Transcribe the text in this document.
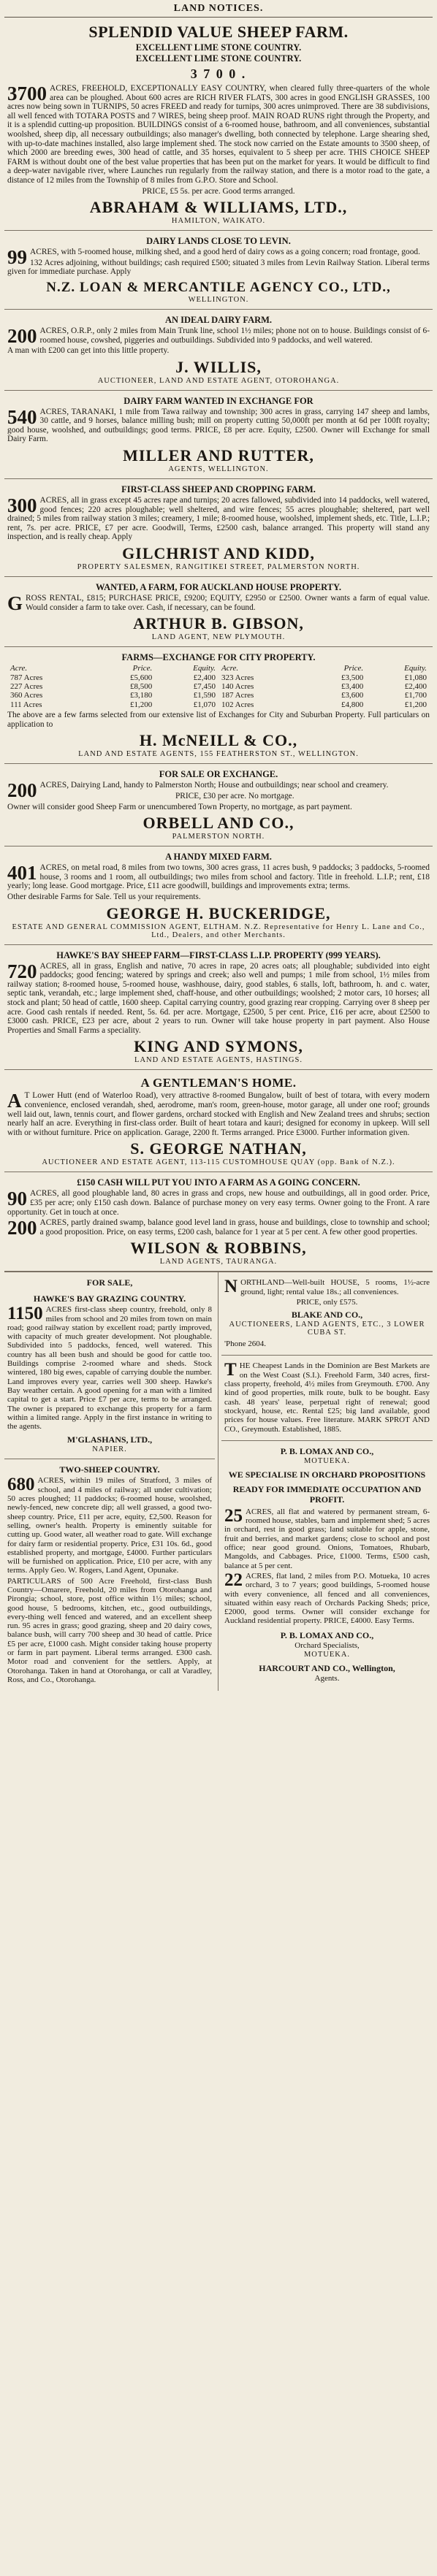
LAND NOTICES.
SPLENDID VALUE SHEEP FARM.
EXCELLENT LIME STONE COUNTRY.
EXCELLENT LIME STONE COUNTRY.
3 7 0 0 .

3700 ACRES, FREEHOLD, EXCEPTIONALLY EASY COUNTRY, when cleared fully three-quarters of the whole area can be ploughed. About 600 acres are RICH RIVER FLATS, 300 acres in good ENGLISH GRASSES, 100 acres now being sown in TURNIPS, 50 acres FREED and ready for turnips, 300 acres unimproved. There are 38 subdivisions, all well fenced with TOTARA POSTS and 7 WIRES, being sheep proof. MAIN ROAD RUNS right through the Property, and it is a splendid cutting-up proposition. BUILDINGS consist of a 6-roomed house, bathroom, and all conveniences, substantial woolshed, sheep dip, all necessary outbuildings; also manager's dwelling, both connected by telephone. Large shearing shed, with up-to-date machines installed, also large implement shed. The stock now carried on the Estate amounts to 3500 sheep, of which 2000 are breeding ewes, 300 head of cattle, and 35 horses, equivalent to 5 sheep per acre. THIS CHOICE SHEEP FARM is without doubt one of the best value properties that has been put on the market for years. It would be difficult to find a deep-water navigable river, where Launches run regularly from the railway station, and there is a motor road to the gate, a distance of 12 miles from the Township of 8 miles from G.P.O. Store and School.

PRICE, £5 5s. per acre. Good terms arranged.

ABRAHAM & WILLIAMS, LTD.,
HAMILTON, WAIKATO.
DAIRY LANDS CLOSE TO LEVIN.

99 ACRES, with 5-roomed house, milking shed, and a good herd of dairy cows as a going concern; road frontage, good.

132 Acres adjoining, without buildings; cash required £500; situated 3 miles from Levin Railway Station. Liberal terms given for immediate purchase. Apply

N.Z. LOAN & MERCANTILE AGENCY CO., LTD.,
WELLINGTON.
AN IDEAL DAIRY FARM.

200 ACRES, O.R.P., only 2 miles from Main Trunk line, school 1½ miles; phone not on to house. Buildings consist of 6-roomed house, cowshed, piggeries and outbuildings. Subdivided into 9 paddocks, and well watered.

A man with £200 can get into this little property.

J. WILLIS,
AUCTIONEER, LAND AND ESTATE AGENT, OTOROHANGA.
DAIRY FARM WANTED IN EXCHANGE FOR

540 ACRES, TARANAKI, 1 mile from Tawa railway and township; 300 acres in grass, carrying 147 sheep and lambs, 30 cattle, and 9 horses, balance milling bush; mill on property cutting 50,000ft per month at 6d per 100ft royalty; good house, woolshed, and outbuildings; good terms. PRICE, £8 per acre. Equity, £2500. Owner will Exchange for small Dairy Farm.

MILLER AND RUTTER,
AGENTS, WELLINGTON.
FIRST-CLASS SHEEP AND CROPPING FARM.

300 ACRES, all in grass except 45 acres rape and turnips; 20 acres fallowed, subdivided into 14 paddocks, well watered, good fences; 220 acres ploughable; well sheltered, and wire fences; 55 acres ploughable; sheltered, part well drained; 5 miles from railway station 3 miles; creamery, 1 mile; 8-roomed house, woolshed, implement sheds, etc. Title, L.I.P.; rent, 7s. per acre. PRICE, £7 per acre. Goodwill, Terms, £2500 cash, balance arranged. This property will stand any inspection, and is really cheap. Apply

GILCHRIST AND KIDD,
PROPERTY SALESMEN, RANGITIKEI STREET, PALMERSTON NORTH.
WANTED, A FARM, FOR AUCKLAND HOUSE PROPERTY.

GROSS RENTAL, £815; PURCHASE PRICE, £9200; EQUITY, £2950 or £2500. Owner wants a farm of equal value. Would consider a farm to take over. Cash, if necessary, can be found.

ARTHUR B. GIBSON,
LAND AGENT, NEW PLYMOUTH.
FARMS—EXCHANGE FOR CITY PROPERTY.
Acre.	Price.	Equity.	Acre.	Price.	Equity.
787 Acres	£5,600	£2,400	323 Acres	£3,500	£1,080
227 Acres	£8,500	£7,450	140 Acres	£3,400	£2,400
360 Acres	£3,180	£1,590	187 Acres	£3,600	£1,700
111 Acres	£1,200	£1,070	102 Acres	£4,800	£1,200

The above are a few farms selected from our extensive list of Exchanges for City and Suburban Property. Full particulars on application to

H. McNEILL & CO.,
LAND AND ESTATE AGENTS, 155 FEATHERSTON ST., WELLINGTON.
FOR SALE OR EXCHANGE.

200 ACRES, Dairying Land, handy to Palmerston North; House and outbuildings; near school and creamery.

PRICE, £30 per acre. No mortgage.

Owner will consider good Sheep Farm or unencumbered Town Property, no mortgage, as part payment.

ORBELL AND CO.,
PALMERSTON NORTH.
A HANDY MIXED FARM.

401 ACRES, on metal road, 8 miles from two towns, 300 acres grass, 11 acres bush, 9 paddocks; 3 paddocks, 5-roomed house, 3 rooms and 1 room, all outbuildings; two miles from school and factory. Title in freehold. L.I.P.; rent, £18 yearly; long lease. Good mortgage. Price, £11 acre goodwill, buildings and improvements extra; terms.

Other desirable Farms for Sale. Tell us your requirements.

GEORGE H. BUCKERIDGE,
ESTATE AND GENERAL COMMISSION AGENT, ELTHAM. N.Z. Representative for Henry L. Lane and Co., Ltd., Dealers, and other Merchants.
HAWKE'S BAY SHEEP FARM—FIRST-CLASS L.I.P. PROPERTY (999 YEARS).

720 ACRES, all in grass, English and native, 70 acres in rape, 20 acres oats; all ploughable; subdivided into eight paddocks; good fencing; watered by springs and creek; also well and pumps; 1 mile from school, 1½ miles from railway station; 8-roomed house, 5-roomed house, washhouse, dairy, good stables, 6 stalls, loft, bathroom, h. and c. water, septic tank, verandah, etc.; large implement shed, chaff-house, and other outbuildings; woolshed; 2 motor cars, 10 horses; all stock and plant; 50 head of cattle, 1600 sheep. Capital carrying country, good grazing rear cropping. Carrying over 8 sheep per acre. Good cash rentals if needed. Rent, 5s. 6d. per acre. Mortgage, £2500, 5 per cent. Price, £16 per acre, about £2500 to £3000 cash. PRICE, £23 per acre, about 2 years to run. Owner will take house property in part payment. Also House Properties and Small Farms a speciality.

KING AND SYMONS,
LAND AND ESTATE AGENTS, HASTINGS.
A GENTLEMAN'S HOME.

A T Lower Hutt (end of Waterloo Road), very attractive 8-roomed Bungalow, built of best of totara, with every modern convenience, enclosed verandah, shed, aerodrome, man's room, green-house, motor garage, all under one roof; grounds well laid out, lawn, tennis court, and flower gardens, orchard stocked with English and New Zealand trees and shrubs; section nearly half an acre. Everything in first-class order. Built of heart totara and kauri; designed for economy in upkeep. Will sell with or without furniture. Price on application. Garage, 2200 ft. Terms arranged. Price £3000. Further information given.

S. GEORGE NATHAN,
AUCTIONEER AND ESTATE AGENT, 113-115 CUSTOMHOUSE QUAY (opp. Bank of N.Z.).
£150 CASH WILL PUT YOU INTO A FARM AS A GOING CONCERN.

90 ACRES, all good ploughable land, 80 acres in grass and crops, new house and outbuildings, all in good order. Price, £35 per acre; only £150 cash down. Balance of purchase money on very easy terms. Owner going to the Front. A rare opportunity. Get in touch at once.

200 ACRES, partly drained swamp, balance good level land in grass, house and buildings, close to township and school; a good proposition. Price, on easy terms, £200 cash, balance for 1 year at 5 per cent. A few other good properties.

WILSON & ROBBINS,
LAND AGENTS, TAURANGA.
FOR SALE,
HAWKE'S BAY GRAZING COUNTRY.

1150 ACRES first-class sheep country, freehold, only 8 miles from school and 20 miles from town on main road; good railway station by excellent road; partly improved, with capacity of much greater development. Not ploughable. Subdivided into 5 paddocks, fenced, well watered. This country has all been bush and should be good for cattle too. Buildings comprise 2-roomed whare and sheds. Stock wintered, 180 big ewes, capable of carrying double the number. Land improves every year, carries well 300 sheep. Hawke's Bay weather certain. A good opening for a man with a limited capital to get a start. Price £7 per acre, terms to be arranged. The owner is prepared to exchange this property for a farm within a limited range. Apply in the first instance in writing to the agents.

M'GLASHANS, LTD.,
NAPIER.
TWO-SHEEP COUNTRY.

680 ACRES, within 19 miles of Stratford, 3 miles of school, and 4 miles of railway; all under cultivation; 50 acres ploughed; 11 paddocks; 6-roomed house, woolshed, newly-fenced, new concrete dip; all well grassed, a good two-sheep country. Price, £11 per acre, equity, £2,500. Reason for selling, owner's health. Property is eminently suitable for cutting up. Good water, all weather road to gate. Will exchange for dairy farm or residential property. Price, £31 10s. 6d., good established property, and mortgage, £4000. Further particulars will be furnished on application. Price, £10 per acre, with any terms. Apply Geo. W. Rogers, Land Agent, Opunake.

PARTICULARS of 500 Acre Freehold, first-class Bush Country—Omarere, Freehold, 20 miles from Otorohanga and Pirongia; school, store, post office within 1½ miles; school, good house, 5 bedrooms, kitchen, etc., good outbuildings, every-thing well fenced and watered, and an excellent sheep run. 95 acres in grass; good grazing, sheep and 20 dairy cows, balance bush, will carry 700 sheep and 30 head of cattle. Price £5 per acre, £1000 cash. Might consider taking house property or farm in part payment. Liberal terms arranged. £300 cash. Motor road and convenient for the settlers. Apply, at Otorohanga. Taken in hand at Otorohanga, or call at Varadley, Ross, and Co., Otorohanga.

NORTHLAND—Well-built HOUSE, 5 rooms, 1½-acre ground, light; rental value 18s.; all conveniences.

PRICE, only £575.

BLAKE AND CO.,
AUCTIONEERS, LAND AGENTS, ETC., 3 LOWER CUBA ST.

'Phone 2604.

THE Cheapest Lands in the Dominion are Best Markets are on the West Coast (S.I.). Freehold Farm, 340 acres, first-class property, freehold, 4½ miles from Greymouth. £700. Any kind of good properties, milk route, bulk to be bought. Easy cash. 48 years' lease, perpetual right of renewal; good stockyard, house, etc. Rental £25; big land available, good prices for house values. Free literature. MARK SPROT AND CO., Greymouth. Established, 1885.

P. B. LOMAX AND CO.,
MOTUEKA.
WE SPECIALISE IN ORCHARD PROPOSITIONS
READY FOR IMMEDIATE OCCUPATION AND PROFIT.

25 ACRES, all flat and watered by permanent stream, 6-roomed house, stables, barn and implement shed; 5 acres in orchard, rest in good grass; land suitable for apple, stone, fruit and berries, and market gardens; close to school and post office; near good ground. Onions, Tomatoes, Rhubarb, Mangolds, and Cabbages. Price, £1000. Terms, £500 cash, balance at 5 per cent.

22 ACRES, flat land, 2 miles from P.O. Motueka, 10 acres orchard, 3 to 7 years; good buildings, 5-roomed house with every convenience, all fenced and all conveniences, situated within easy reach of Orchards Packing Sheds; price, £2000, good terms. Owner will consider exchange for Auckland residential property. PRICE, £4000. Easy Terms.

P. B. LOMAX AND CO.,

Orchard Specialists,

MOTUEKA.
HARCOURT AND CO., Wellington,

Agents.
